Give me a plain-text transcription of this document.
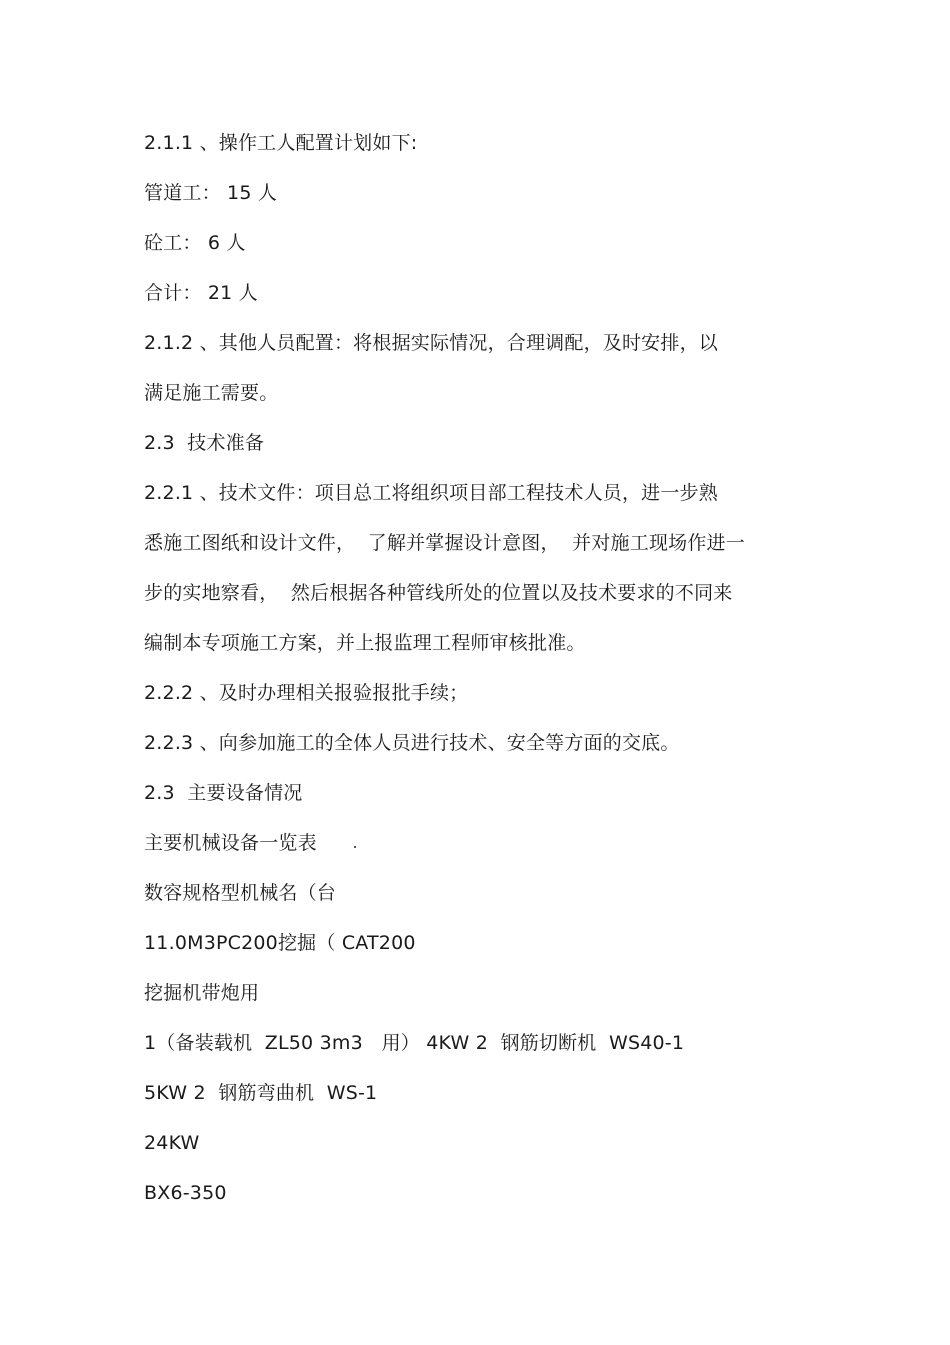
2.1.1 、操作工人配置计划如下:
管道工： 15 人
砼工： 6 人
合计： 21 人
2.1.2 、其他人员配置：将根据实际情况，合理调配，及时安排，以
满足施工需要。
2.3  技术准备
2.2.1 、技术文件：项目总工将组织项目部工程技术人员，进一步熟
悉施工图纸和设计文件，  了解并掌握设计意图，  并对施工现场作进一
步的实地察看，  然后根据各种管线所处的位置以及技术要求的不同来
编制本专项施工方案，并上报监理工程师审核批准。
2.2.2 、及时办理相关报验报批手续；
2.2.3 、向参加施工的全体人员进行技术、安全等方面的交底。
2.3  主要设备情况
主要机械设备一览表
数容规格型机械名（台
11.0M3PC200挖掘（ CAT200
挖掘机带炮用
1（备装载机  ZL50 3m3   用） 4KW 2  钢筋切断机  WS40-1
5KW 2  钢筋弯曲机  WS-1
24KW
BX6-350
